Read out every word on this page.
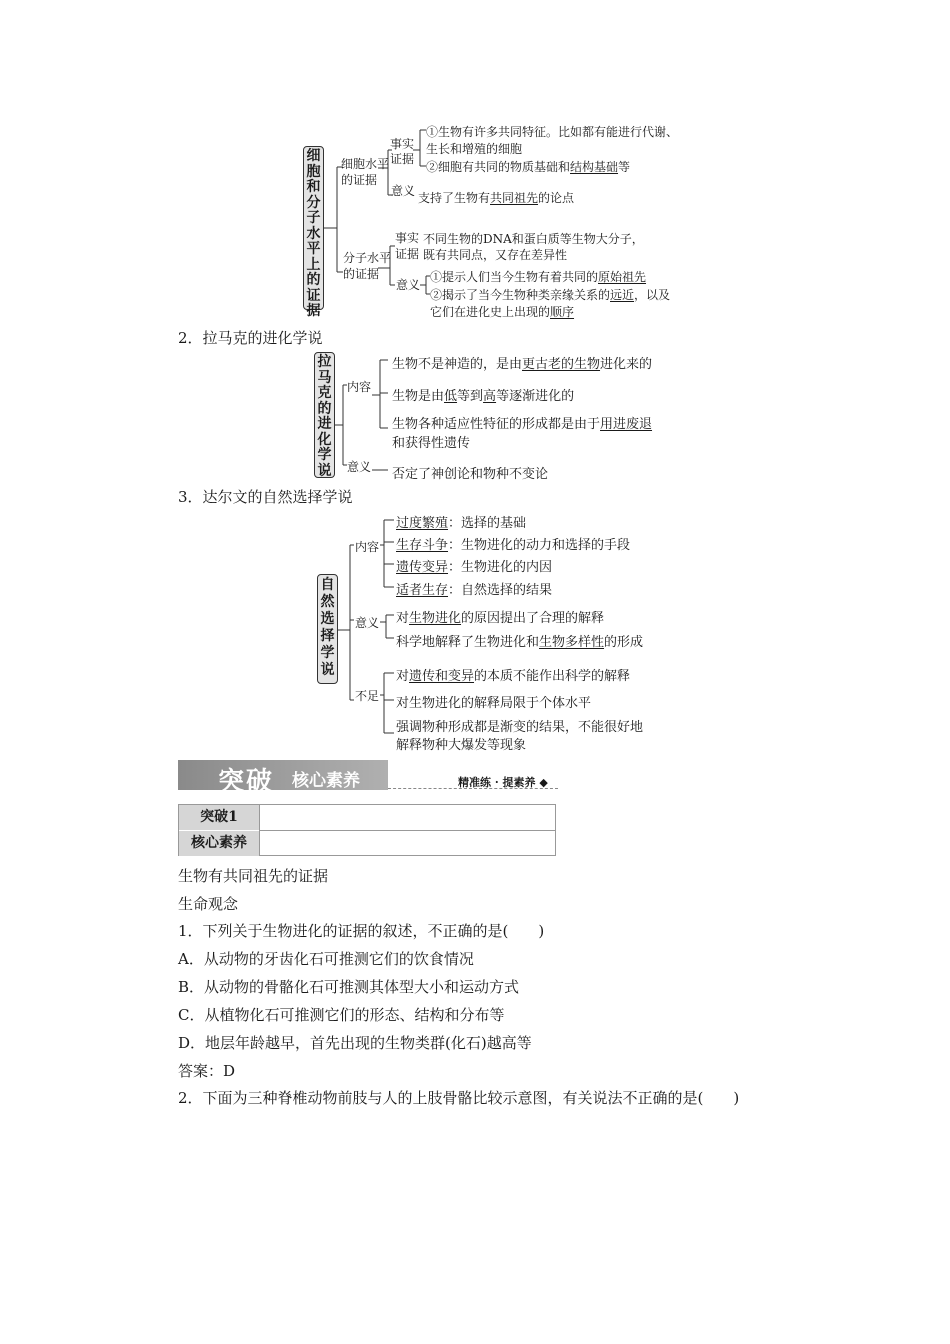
细
胞
和
分
子
水
平
上
的
证
据
细胞水平
的证据
事实
证据
①生物有许多共同特征。比如都有能进行代谢、
生长和增殖的细胞
②细胞有共同的物质基础和结构基础等
意义 支持了生物有共同祖先的论点
分子水平
的证据
事实
证据
不同生物的DNA和蛋白质等生物大分子，
既有共同点，又存在差异性
意义
①提示人们当今生物有着共同的原始祖先
②揭示了当今生物种类亲缘关系的远近，以及
它们在进化史上出现的顺序
2．拉马克的进化学说
拉
马
克
的
进
化
学
说
内容
生物不是神造的，是由更古老的生物进化来的
生物是由低等到高等逐渐进化的
生物各种适应性特征的形成都是由于用进废退
和获得性遗传
意义 否定了神创论和物种不变论
3．达尔文的自然选择学说
自
然
选
择
学
说
内容
过度繁殖：选择的基础
生存斗争：生物进化的动力和选择的手段
遗传变异：生物进化的内因
适者生存：自然选择的结果
意义 对生物进化的原因提出了合理的解释
科学地解释了生物进化和生物多样性的形成
不足
对遗传和变异的本质不能作出科学的解释
对生物进化的解释局限于个体水平
强调物种形成都是渐变的结果，不能很好地
解释物种大爆发等现象
突破 核心素养	精准练 · 提素养 ◆
突破1
核心素养
生物有共同祖先的证据
生命观念
1．下列关于生物进化的证据的叙述，不正确的是(　　)
A．从动物的牙齿化石可推测它们的饮食情况
B．从动物的骨骼化石可推测其体型大小和运动方式
C．从植物化石可推测它们的形态、结构和分布等
D．地层年龄越早，首先出现的生物类群(化石)越高等
答案：D
2．下面为三种脊椎动物前肢与人的上肢骨骼比较示意图，有关说法不正确的是(　　)
